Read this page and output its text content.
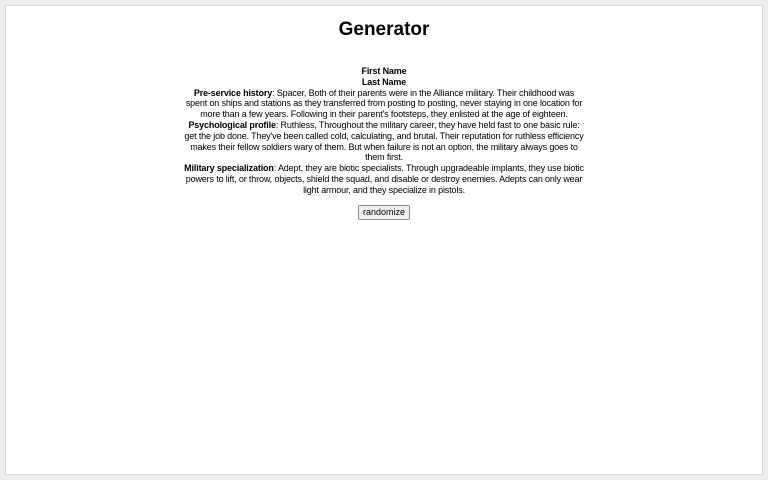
Generator
First Name
Last Name
Pre-service history: Spacer, Both of their parents were in the Alliance military. Their childhood was spent on ships and stations as they transferred from posting to posting, never staying in one location for more than a few years. Following in their parent's footsteps, they enlisted at the age of eighteen.
Psychological profile: Ruthless, Throughout the military career, they have held fast to one basic rule: get the job done. They've been called cold, calculating, and brutal. Their reputation for ruthless efficiency makes their fellow soldiers wary of them. But when failure is not an option, the military always goes to them first.
Military specialization: Adept, they are biotic specialists. Through upgradeable implants, they use biotic powers to lift, or throw, objects, shield the squad, and disable or destroy enemies. Adepts can only wear light armour, and they specialize in pistols.
randomize
